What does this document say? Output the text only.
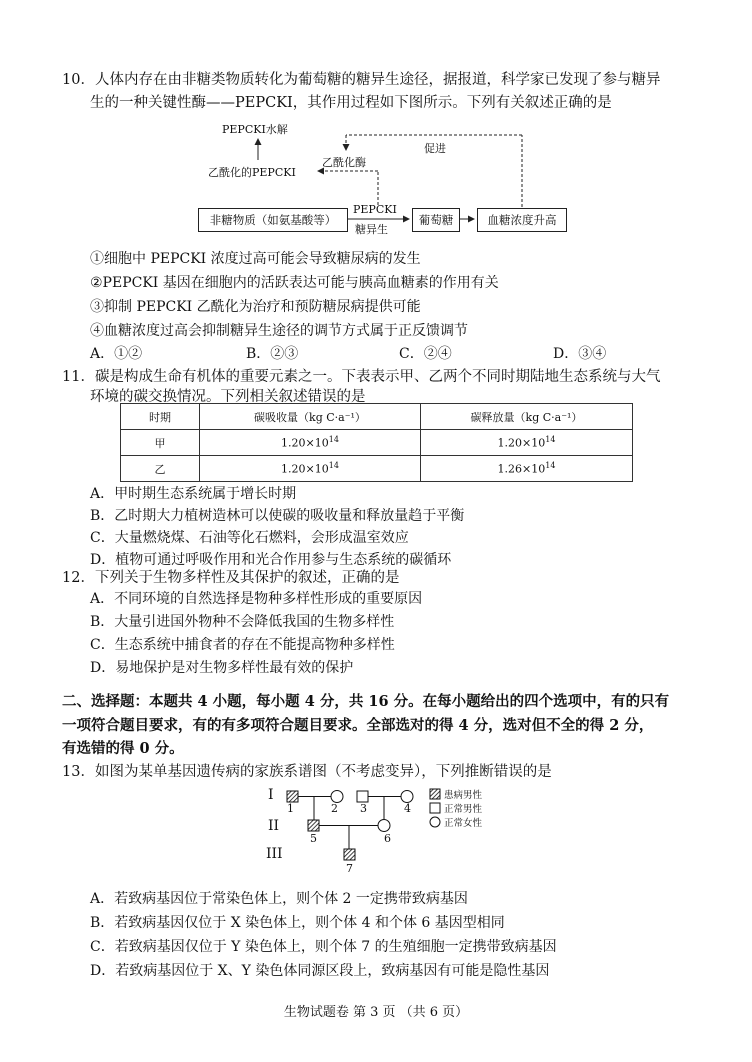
10．人体内存在由非糖类物质转化为葡萄糖的糖异生途径，据报道，科学家已发现了参与糖异
生的一种关键性酶——PEPCKI，其作用过程如下图所示。下列有关叙述正确的是
PEPCKI水解
乙酰化的PEPCKI
乙酰化酶
促进
非糖物质（如氨基酸等）
PEPCKI
糖异生
葡萄糖	血糖浓度升高
①细胞中 PEPCKI 浓度过高可能会导致糖尿病的发生
②PEPCKI 基因在细胞内的活跃表达可能与胰高血糖素的作用有关
③抑制 PEPCKI 乙酰化为治疗和预防糖尿病提供可能
④血糖浓度过高会抑制糖异生途径的调节方式属于正反馈调节
A．①②	B．②③	C．②④	D．③④
11．碳是构成生命有机体的重要元素之一。下表表示甲、乙两个不同时期陆地生态系统与大气
环境的碳交换情况。下列相关叙述错误的是
时期	碳吸收量（kg C·a⁻¹）	碳释放量（kg C·a⁻¹）
甲	$1.20\times 10^{14}$	$1.20\times 10^{14}$
乙	$1.20\times 10^{14}$	$1.26\times 10^{14}$
A．甲时期生态系统属于增长时期
B．乙时期大力植树造林可以使碳的吸收量和释放量趋于平衡
C．大量燃烧煤、石油等化石燃料，会形成温室效应
D．植物可通过呼吸作用和光合作用参与生态系统的碳循环
12．下列关于生物多样性及其保护的叙述，正确的是
A．不同环境的自然选择是物种多样性形成的重要原因
B．大量引进国外物种不会降低我国的生物多样性
C．生态系统中捕食者的存在不能提高物种多样性
D．易地保护是对生物多样性最有效的保护
二、选择题：本题共 4 小题，每小题 4 分，共 16 分。在每小题给出的四个选项中，有的只有
一项符合题目要求，有的有多项符合题目要求。全部选对的得 4 分，选对但不全的得 2 分，
有选错的得 0 分。
13．如图为某单基因遗传病的家族系谱图（不考虑变异），下列推断错误的是
I
II
III
1	2 3	4
5	6
7
患病男性
正常男性
正常女性
A．若致病基因位于常染色体上，则个体 2 一定携带致病基因
B．若致病基因仅位于 X 染色体上，则个体 4 和个体 6 基因型相同
C．若致病基因仅位于 Y 染色体上，则个体 7 的生殖细胞一定携带致病基因
D．若致病基因位于 X、Y 染色体同源区段上，致病基因有可能是隐性基因
生物试题卷 第 3 页 （共 6 页）
